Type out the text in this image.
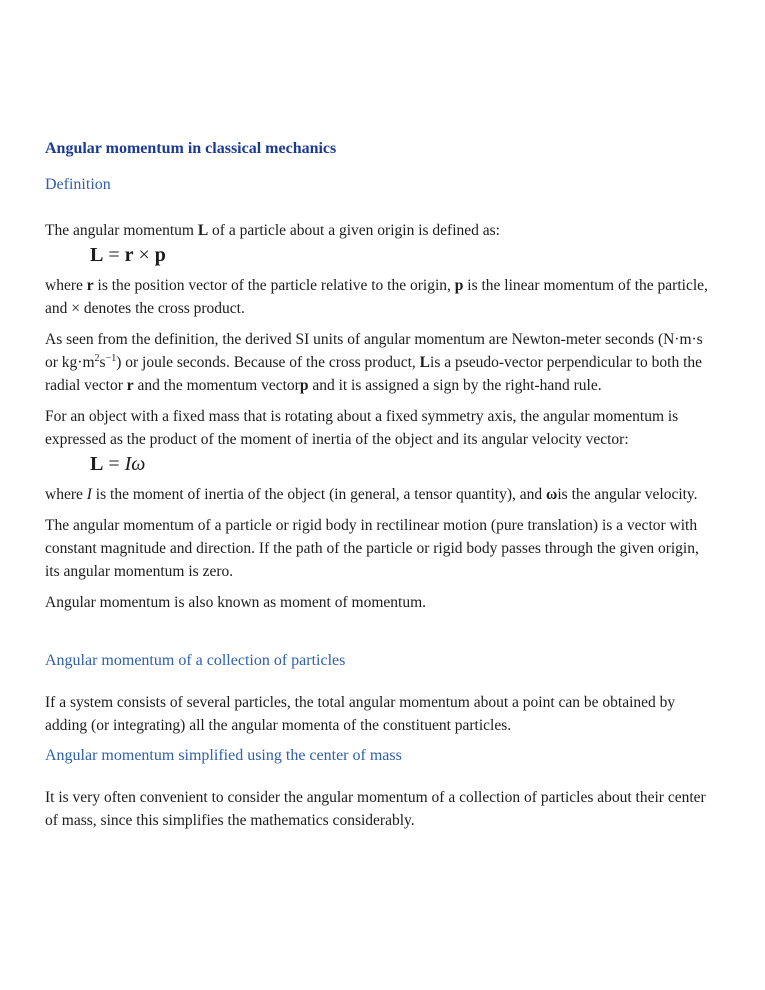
Angular momentum in classical mechanics
Definition

The angular momentum L of a particle about a given origin is defined as:

L = r × p

where r is the position vector of the particle relative to the origin, p is the linear momentum of the particle, and × denotes the cross product.

As seen from the definition, the derived SI units of angular momentum are Newton-meter seconds (N·m·s or $kg\cdot m^2s^{-1}$) or joule seconds. Because of the cross product, Lis a pseudo-vector perpendicular to both the radial vector r and the momentum vectorp and it is assigned a sign by the right-hand rule.

For an object with a fixed mass that is rotating about a fixed symmetry axis, the angular momentum is expressed as the product of the moment of inertia of the object and its angular velocity vector:

L = Iω

where I is the moment of inertia of the object (in general, a tensor quantity), and ωis the angular velocity.

The angular momentum of a particle or rigid body in rectilinear motion (pure translation) is a vector with constant magnitude and direction. If the path of the particle or rigid body passes through the given origin, its angular momentum is zero.

Angular momentum is also known as moment of momentum.

Angular momentum of a collection of particles

If a system consists of several particles, the total angular momentum about a point can be obtained by adding (or integrating) all the angular momenta of the constituent particles.

Angular momentum simplified using the center of mass

It is very often convenient to consider the angular momentum of a collection of particles about their center of mass, since this simplifies the mathematics considerably.
